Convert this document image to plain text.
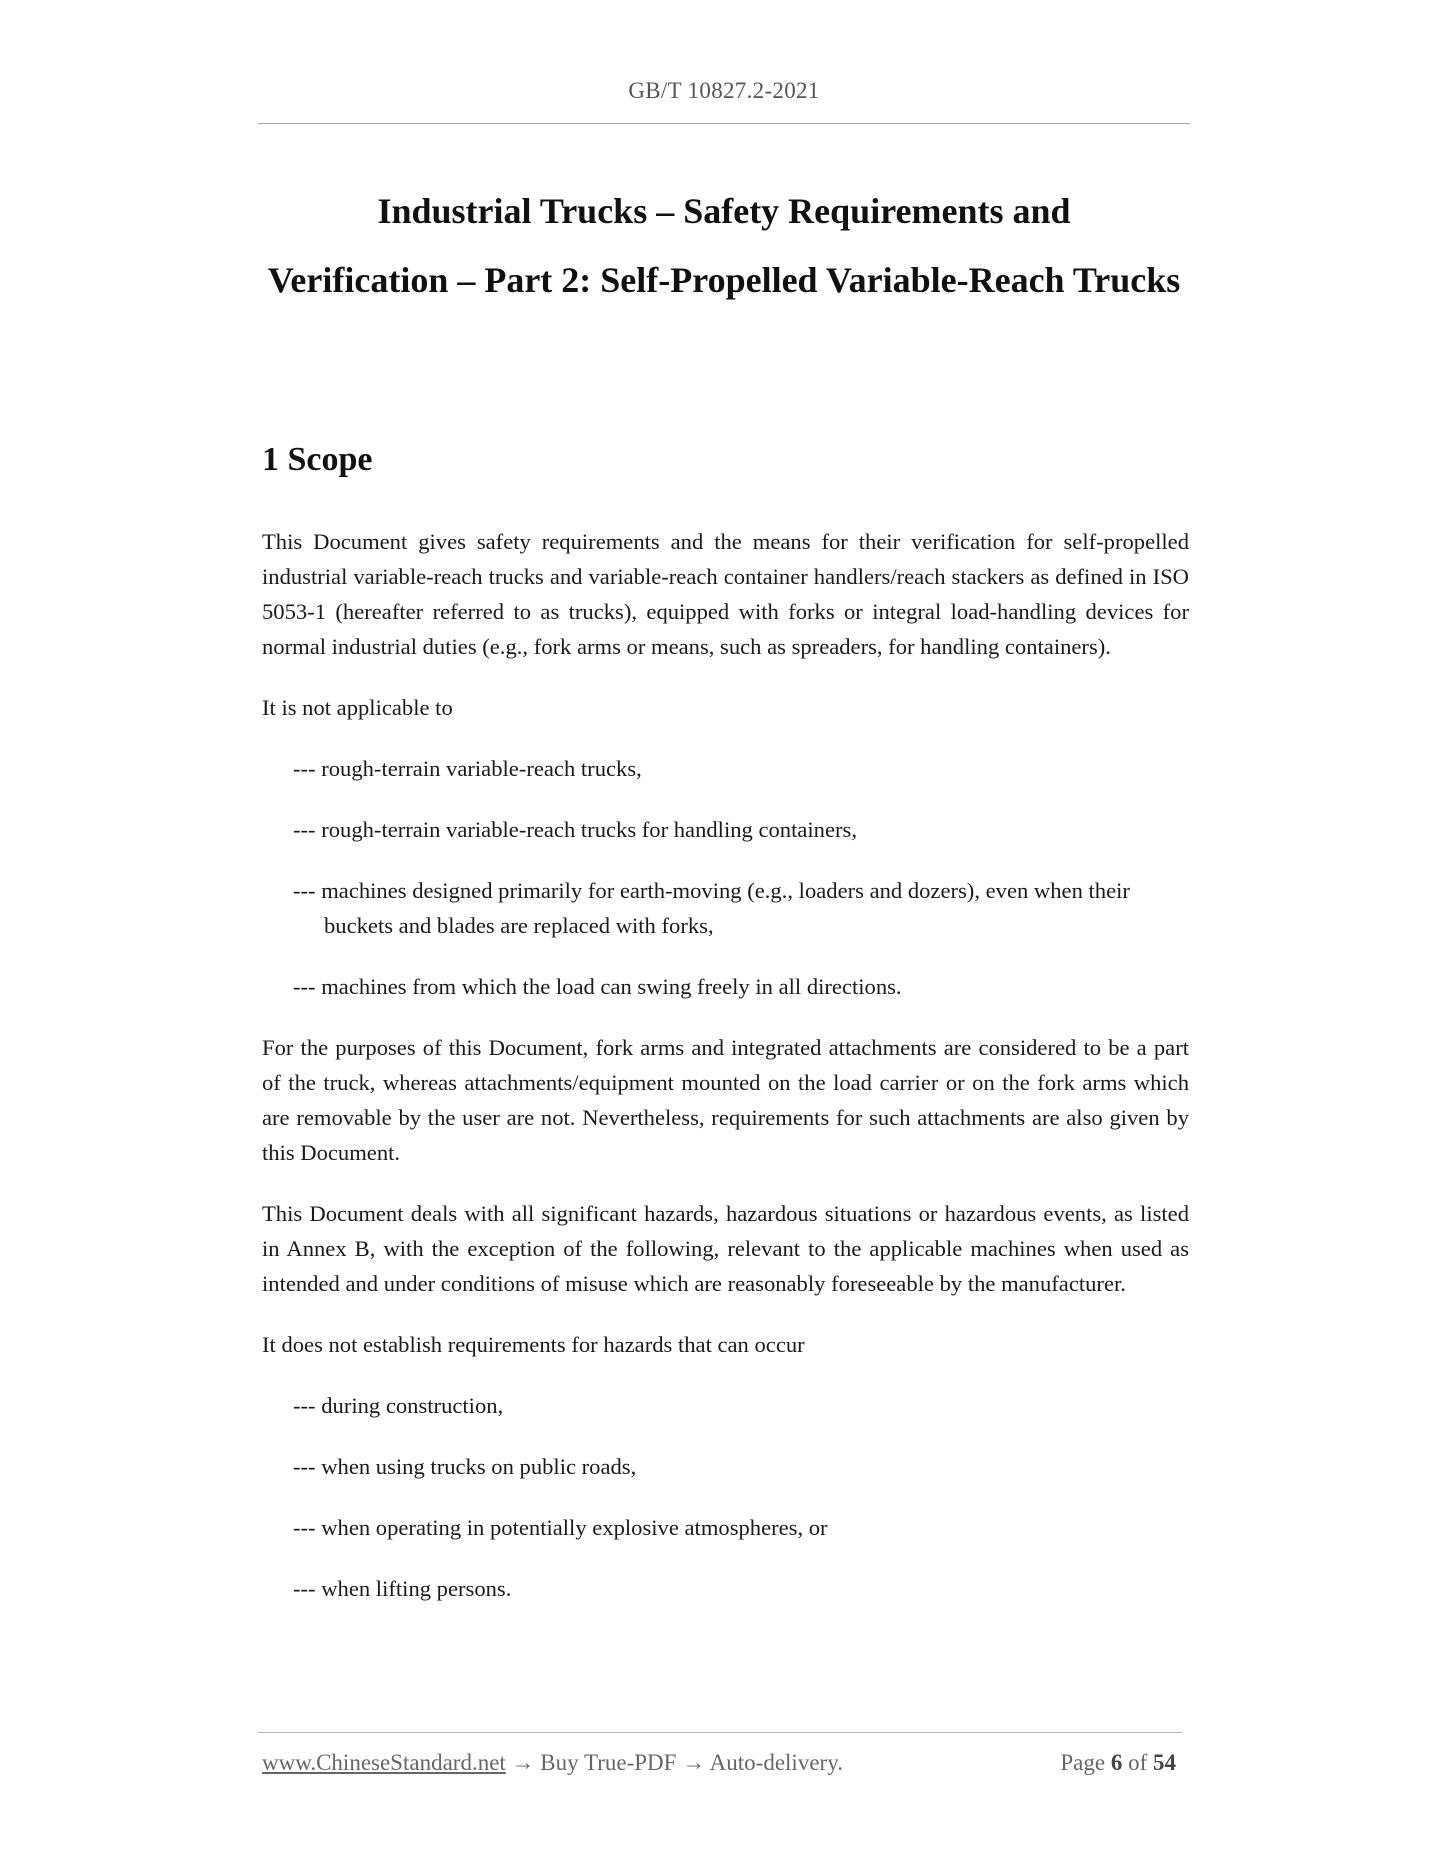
GB/T 10827.2-2021
Industrial Trucks – Safety Requirements and
Verification – Part 2: Self-Propelled Variable-Reach Trucks
1 Scope

This Document gives safety requirements and the means for their verification for self-propelled industrial variable-reach trucks and variable-reach container handlers/reach stackers as defined in ISO 5053-1 (hereafter referred to as trucks), equipped with forks or integral load-handling devices for normal industrial duties (e.g., fork arms or means, such as spreaders, for handling containers).

It is not applicable to

--- rough-terrain variable-reach trucks,

--- rough-terrain variable-reach trucks for handling containers,

--- machines designed primarily for earth-moving (e.g., loaders and dozers), even when their buckets and blades are replaced with forks,

--- machines from which the load can swing freely in all directions.

For the purposes of this Document, fork arms and integrated attachments are considered to be a part of the truck, whereas attachments/equipment mounted on the load carrier or on the fork arms which are removable by the user are not. Nevertheless, requirements for such attachments are also given by this Document.

This Document deals with all significant hazards, hazardous situations or hazardous events, as listed in Annex B, with the exception of the following, relevant to the applicable machines when used as intended and under conditions of misuse which are reasonably foreseeable by the manufacturer.

It does not establish requirements for hazards that can occur

--- during construction,

--- when using trucks on public roads,

--- when operating in potentially explosive atmospheres, or

--- when lifting persons.

www.ChineseStandard.net → Buy True-PDF → Auto-delivery.	Page 6 of 54
